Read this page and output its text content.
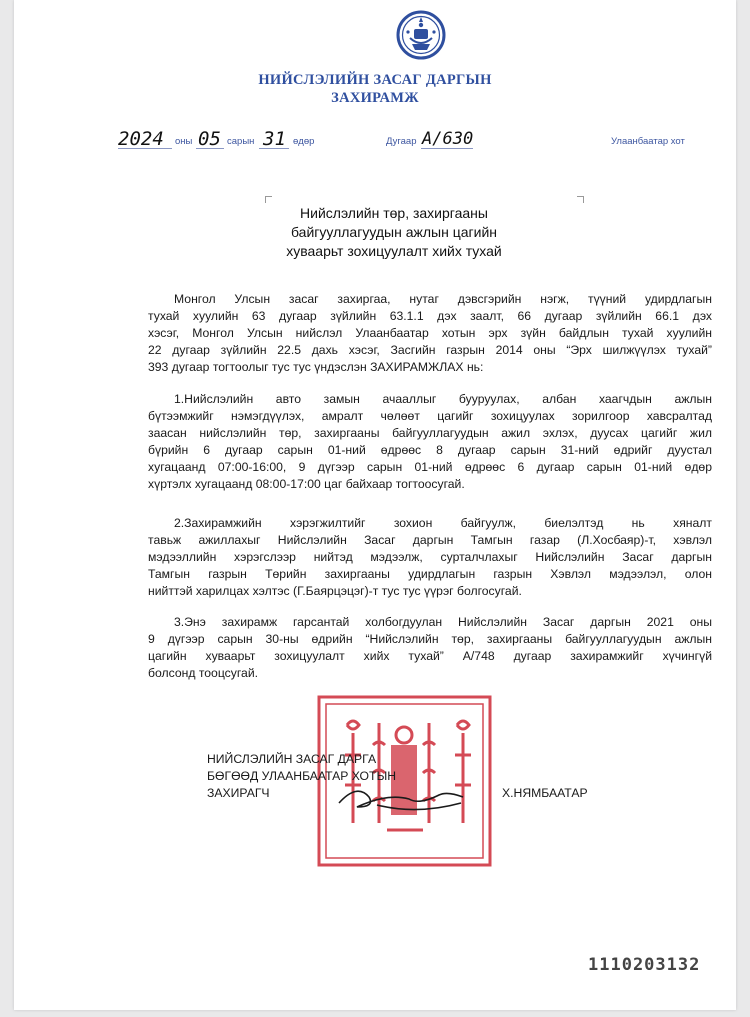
НИЙСЛЭЛИЙН ЗАСАГ ДАРГЫН
ЗАХИРАМЖ
2024 оны 05 сарын 31 өдөр	Дугаар A/630	Улаанбаатар хот
Нийслэлийн төр, захиргааны
байгууллагуудын ажлын цагийн
хуваарьт зохицуулалт хийх тухай
Монгол Улсын засаг захиргаа, нутаг дэвсгэрийн нэгж, түүний удирдлагын
тухай хуулийн 63 дугаар зүйлийн 63.1.1 дэх заалт, 66 дугаар зүйлийн 66.1 дэх
хэсэг, Монгол Улсын нийслэл Улаанбаатар хотын эрх зүйн байдлын тухай хуулийн
22 дугаар зүйлийн 22.5 дахь хэсэг, Засгийн газрын 2014 оны “Эрх шилжүүлэх тухай”
393 дугаар тогтоолыг тус тус үндэслэн ЗАХИРАМЖЛАХ нь:
1.Нийслэлийн авто замын ачааллыг бууруулах, албан хаагчдын ажлын
бүтээмжийг нэмэгдүүлэх, амралт чөлөөт цагийг зохицуулах зорилгоор хавсралтад
заасан нийслэлийн төр, захиргааны байгууллагуудын ажил эхлэх, дуусах цагийг жил
бүрийн 6 дугаар сарын 01-ний өдрөөс 8 дугаар сарын 31-ний өдрийг дуустал
хугацаанд 07:00-16:00, 9 дүгээр сарын 01-ний өдрөөс 6 дугаар сарын 01-ний өдөр
хүртэлх хугацаанд 08:00-17:00 цаг байхаар тогтоосугай.
2.Захирамжийн хэрэгжилтийг зохион байгуулж, биелэлтэд нь хяналт
тавьж ажиллахыг Нийслэлийн Засаг даргын Тамгын газар (Л.Хосбаяр)-т, хэвлэл
мэдээллийн хэрэгслээр нийтэд мэдээлж, сурталчлахыг Нийслэлийн Засаг даргын
Тамгын газрын Төрийн захиргааны удирдлагын газрын Хэвлэл мэдээлэл, олон
нийттэй харилцах хэлтэс (Г.Баярцэцэг)-т тус тус үүрэг болгосугай.
3.Энэ захирамж гарсантай холбогдуулан Нийслэлийн Засаг даргын 2021 оны
9 дүгээр сарын 30-ны өдрийн “Нийслэлийн төр, захиргааны байгууллагуудын ажлын
цагийн хуваарьт зохицуулалт хийх тухай” А/748 дугаар захирамжийг хүчингүй
болсонд тооцсугай.
НИЙСЛЭЛИЙН ЗАСАГ ДАРГА
БӨГӨӨД УЛААНБААТАР ХОТЫН
ЗАХИРАГЧ	Х.НЯМБААТАР
1110203132
